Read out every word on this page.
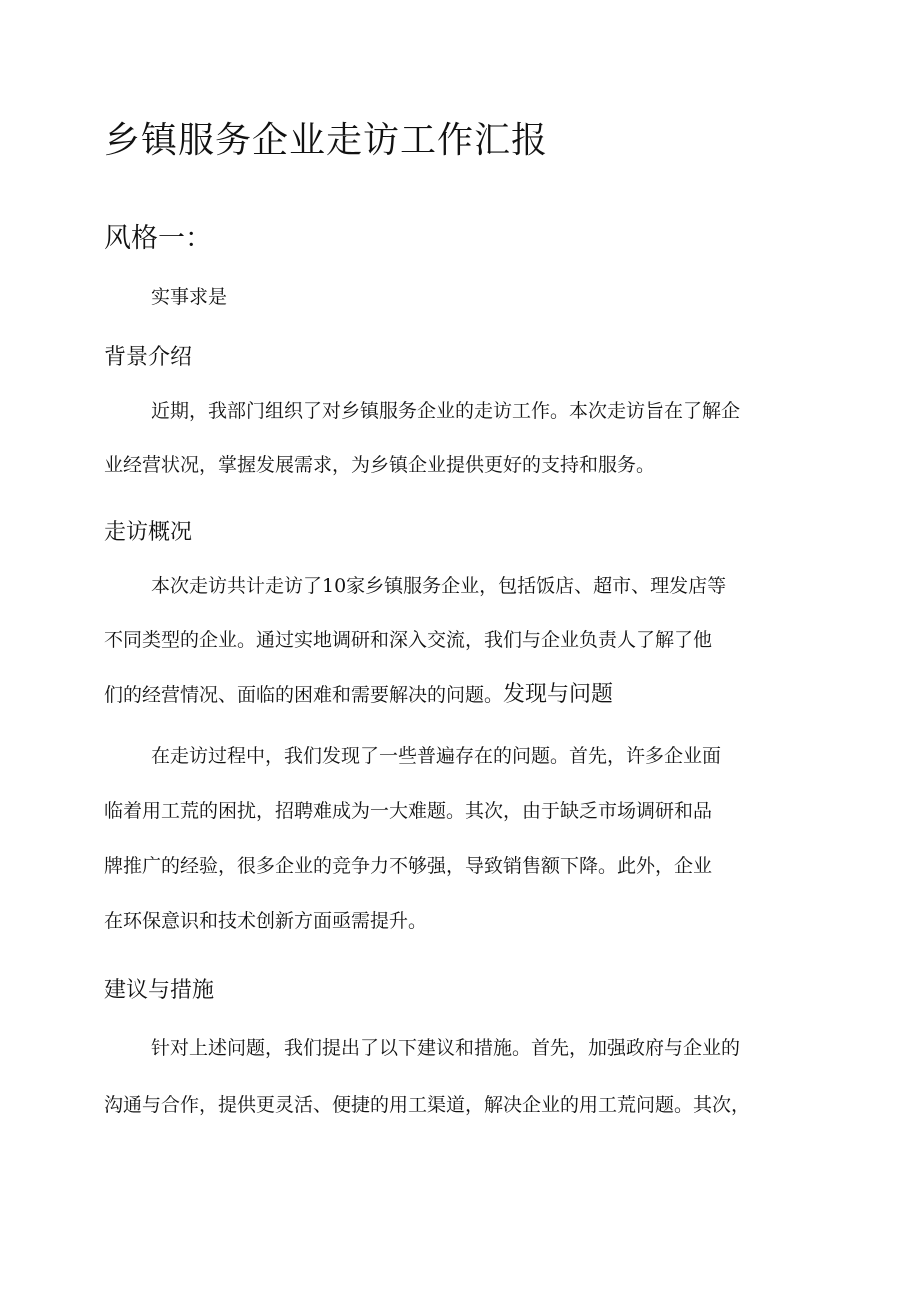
乡镇服务企业走访工作汇报
风格一：

实事求是

背景介绍
近期，我部门组织了对乡镇服务企业的走访工作。本次走访旨在了解企
业经营状况，掌握发展需求，为乡镇企业提供更好的支持和服务。
走访概况
本次走访共计走访了10家乡镇服务企业，包括饭店、超市、理发店等
不同类型的企业。通过实地调研和深入交流，我们与企业负责人了解了他
们的经营情况、面临的困难和需要解决的问题。发现与问题
在走访过程中，我们发现了一些普遍存在的问题。首先，许多企业面
临着用工荒的困扰，招聘难成为一大难题。其次，由于缺乏市场调研和品
牌推广的经验，很多企业的竞争力不够强，导致销售额下降。此外，企业
在环保意识和技术创新方面亟需提升。
建议与措施
针对上述问题，我们提出了以下建议和措施。首先，加强政府与企业的
沟通与合作，提供更灵活、便捷的用工渠道，解决企业的用工荒问题。其次，
